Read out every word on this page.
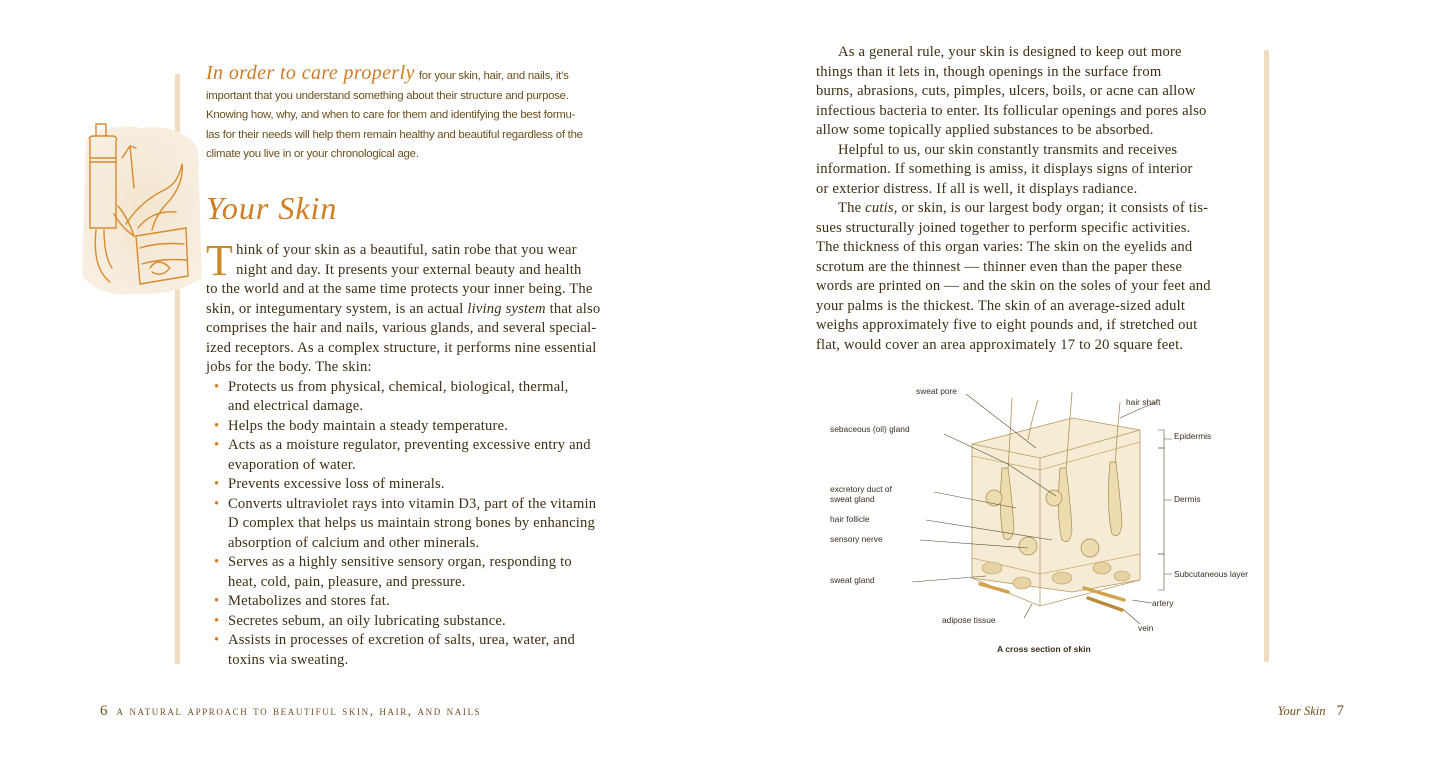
In order to care properly for your skin, hair, and nails, it’s
important that you understand something about their structure and purpose.
Knowing how, why, and when to care for them and identifying the best formu-
las for their needs will help them remain healthy and beautiful regardless of the
climate you live in or your chronological age.
Your Skin
T hink of your skin as a beautiful, satin robe that you wear
night and day. It presents your external beauty and health
to the world and at the same time protects your inner being. The
skin, or integumentary system, is an actual living system that also
comprises the hair and nails, various glands, and several special-
ized receptors. As a complex structure, it performs nine essential
jobs for the body. The skin:
• Protects us from physical, chemical, biological, thermal,
and electrical damage.
• Helps the body maintain a steady temperature.
• Acts as a moisture regulator, preventing excessive entry and
evaporation of water.
• Prevents excessive loss of minerals.
• Converts ultraviolet rays into vitamin D3, part of the vitamin
D complex that helps us maintain strong bones by enhancing
absorption of calcium and other minerals.
• Serves as a highly sensitive sensory organ, responding to
heat, cold, pain, pleasure, and pressure.
• Metabolizes and stores fat.
• Secretes sebum, an oily lubricating substance.
• Assists in processes of excretion of salts, urea, water, and
toxins via sweating.
6 a natural approach to beautiful skin, hair, and nails

As a general rule, your skin is designed to keep out more

things than it lets in, though openings in the surface from
burns, abrasions, cuts, pimples, ulcers, boils, or acne can allow
infectious bacteria to enter. Its follicular openings and pores also
allow some topically applied substances to be absorbed.

Helpful to us, our skin constantly transmits and receives

information. If something is amiss, it displays signs of interior
or exterior distress. If all is well, it displays radiance.

The cutis, or skin, is our largest body organ; it consists of tis-

sues structurally joined together to perform specific activities.
The thickness of this organ varies: The skin on the eyelids and
scrotum are the thinnest — thinner even than the paper these
words are printed on — and the skin on the soles of your feet and
your palms is the thickest. The skin of an average-sized adult
weighs approximately five to eight pounds and, if stretched out
flat, would cover an area approximately 17 to 20 square feet.
sweat pore
hair shaft
sebaceous (oil) gland
Epidermis
excretory duct of
sweat gland	Dermis
hair follicle
sensory nerve
sweat gland
Subcutaneous layer
artery
adipose tissue
vein
A cross section of skin
Your Skin 7
